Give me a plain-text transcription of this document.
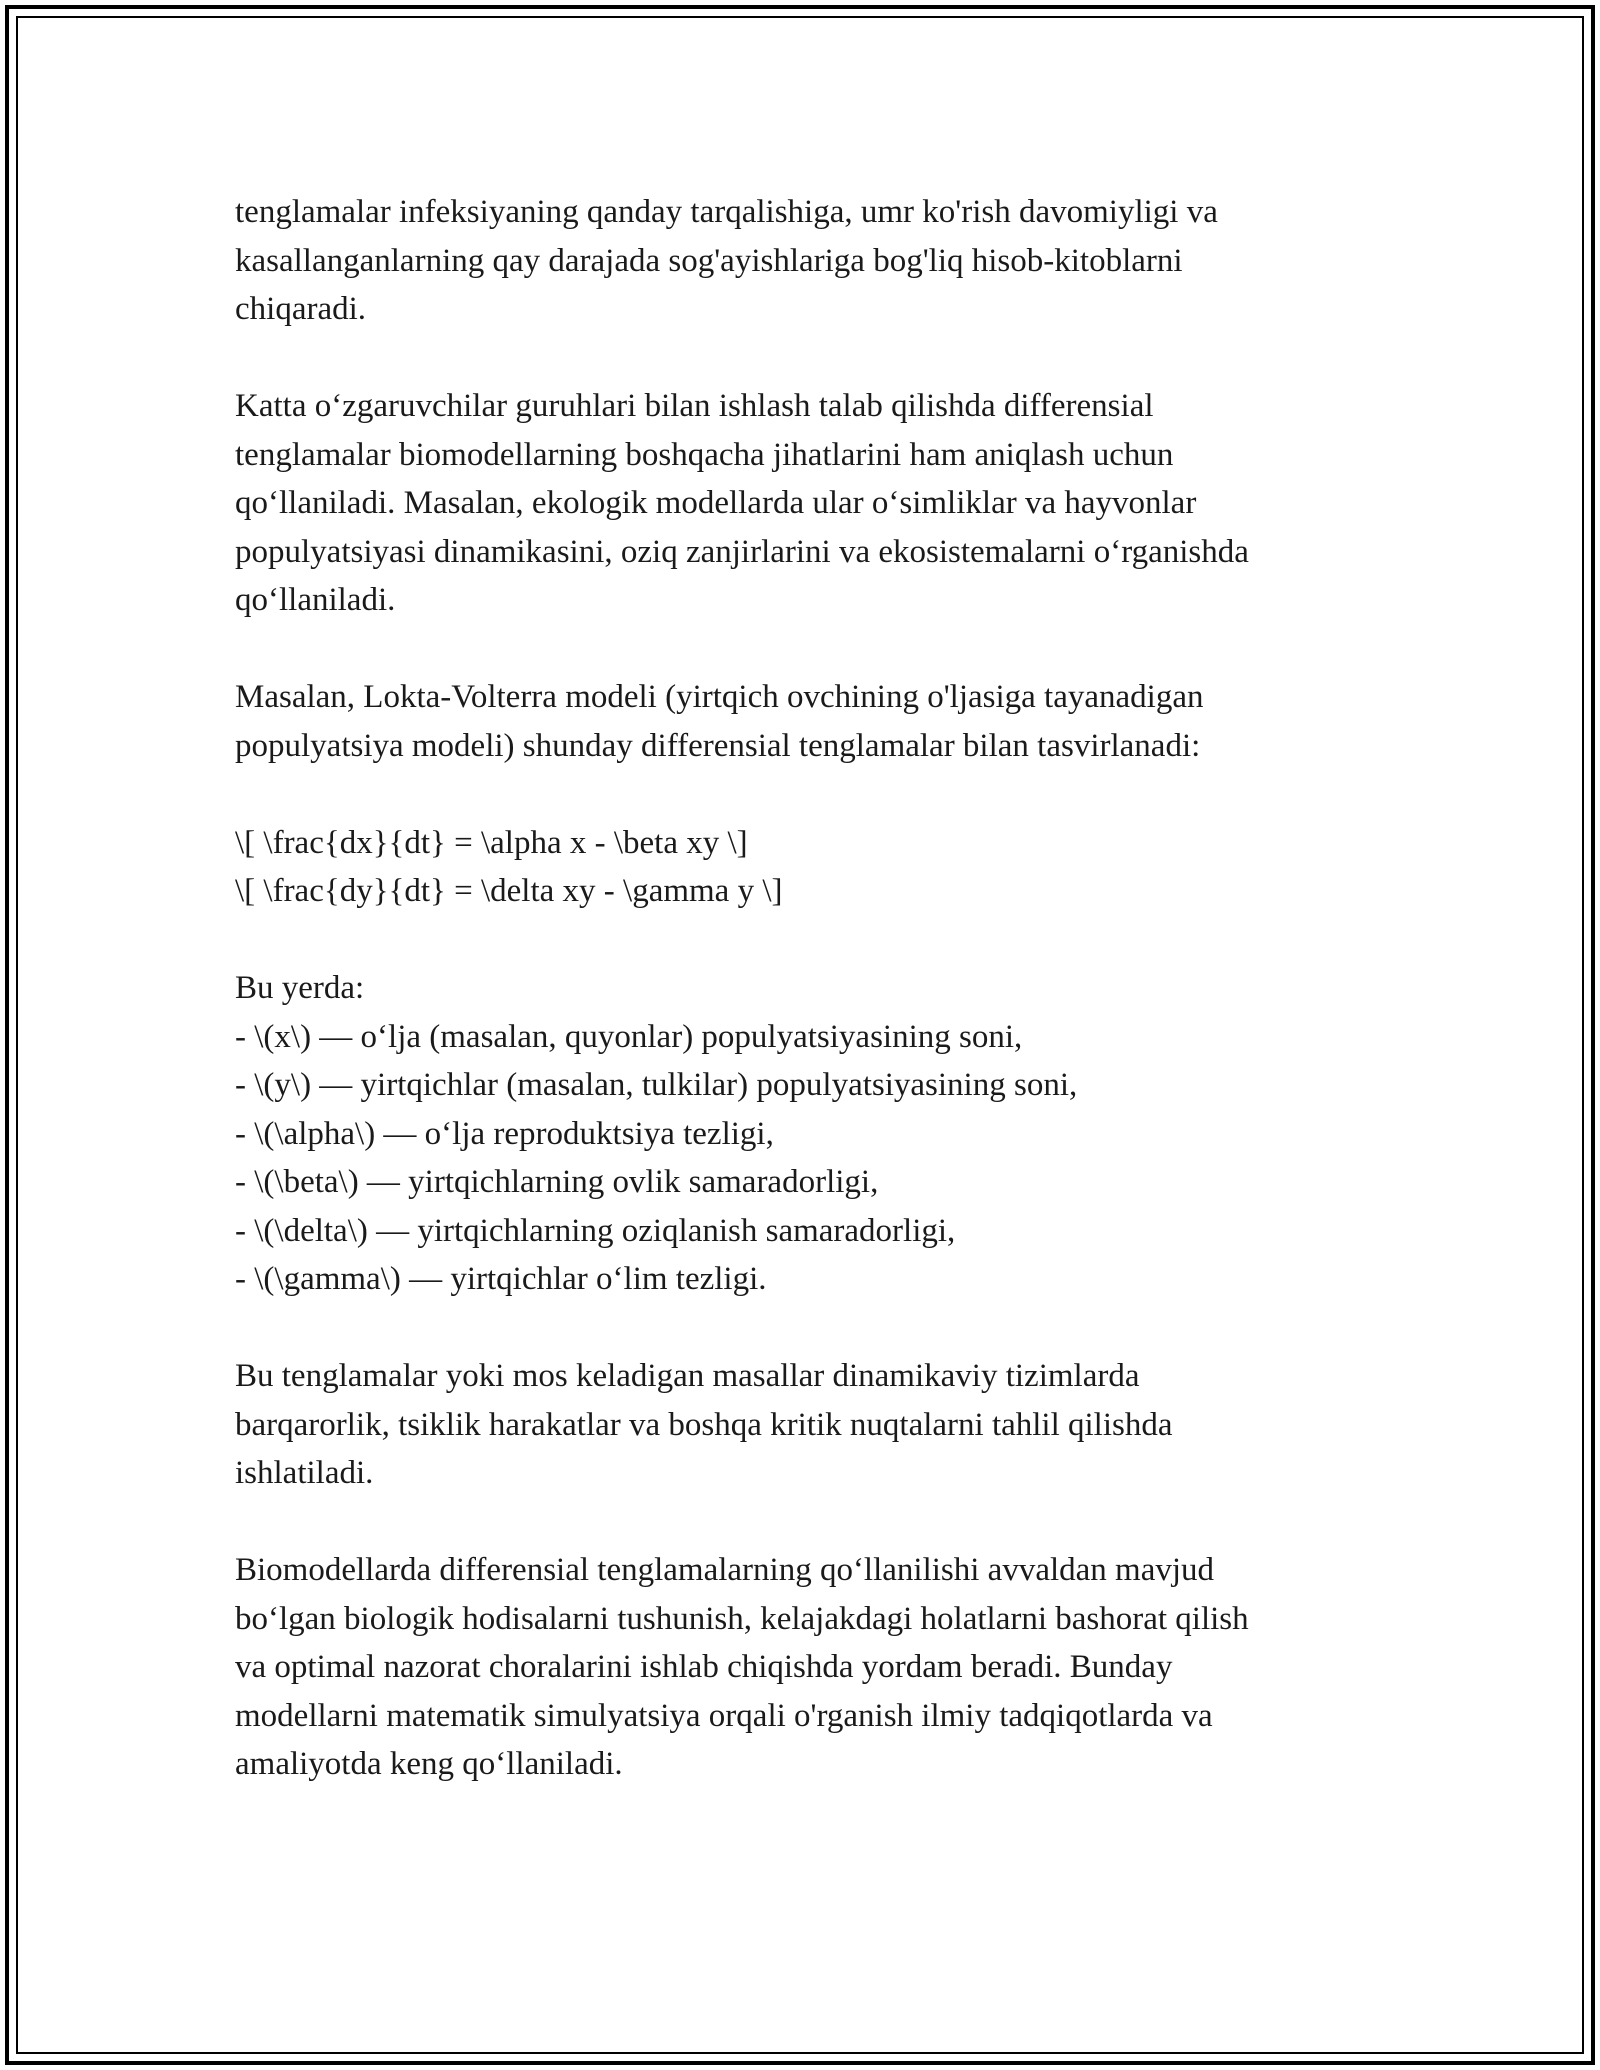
tenglamalar infeksiyaning qanday tarqalishiga, umr ko'rish davomiyligi va
kasallanganlarning qay darajada sog'ayishlariga bog'liq hisob-kitoblarni
chiqaradi.

Katta o‘zgaruvchilar guruhlari bilan ishlash talab qilishda differensial
tenglamalar biomodellarning boshqacha jihatlarini ham aniqlash uchun
qo‘llaniladi. Masalan, ekologik modellarda ular o‘simliklar va hayvonlar
populyatsiyasi dinamikasini, oziq zanjirlarini va ekosistemalarni o‘rganishda
qo‘llaniladi.

Masalan, Lokta-Volterra modeli (yirtqich ovchining o'ljasiga tayanadigan
populyatsiya modeli) shunday differensial tenglamalar bilan tasvirlanadi:

\[ \frac{dx}{dt} = \alpha x - \beta xy \]
\[ \frac{dy}{dt} = \delta xy - \gamma y \]

Bu yerda:
- \(x\) — o‘lja (masalan, quyonlar) populyatsiyasining soni,
- \(y\) — yirtqichlar (masalan, tulkilar) populyatsiyasining soni,
- \(\alpha\) — o‘lja reproduktsiya tezligi,
- \(\beta\) — yirtqichlarning ovlik samaradorligi,
- \(\delta\) — yirtqichlarning oziqlanish samaradorligi,
- \(\gamma\) — yirtqichlar o‘lim tezligi.

Bu tenglamalar yoki mos keladigan masallar dinamikaviy tizimlarda
barqarorlik, tsiklik harakatlar va boshqa kritik nuqtalarni tahlil qilishda
ishlatiladi.

Biomodellarda differensial tenglamalarning qo‘llanilishi avvaldan mavjud
bo‘lgan biologik hodisalarni tushunish, kelajakdagi holatlarni bashorat qilish
va optimal nazorat choralarini ishlab chiqishda yordam beradi. Bunday
modellarni matematik simulyatsiya orqali o'rganish ilmiy tadqiqotlarda va
amaliyotda keng qo‘llaniladi.
